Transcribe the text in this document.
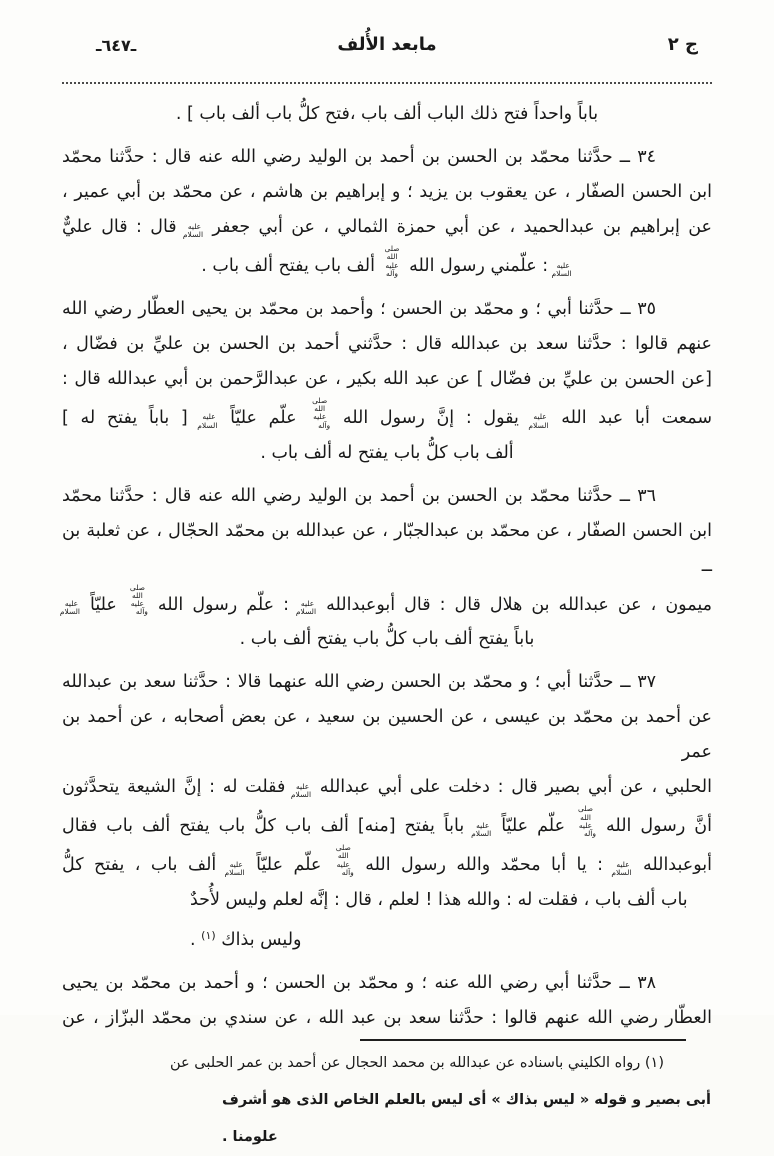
ج ٢
مابعد الأُلف
ـ٦٤٧ـ
باباً واحداً فتح ذلك الباب ألف باب ،فتح كلُّ باب ألف باب ] .
٣٤ ــ حدَّثنا محمّد بن الحسن بن أحمد بن الوليد رضي الله عنه قال : حدَّثنا محمّد
ابن الحسن الصفّار ، عن يعقوب بن يزيد ؛ و إبراهيم بن هاشم ، عن محمّد بن أبي عمير ،
عن إبراهيم بن عبدالحميد ، عن أبي حمزة الثمالي ، عن أبي جعفر عليه السلام قال : قال عليٌّ
عليه السلام : علّمني رسول الله صلى الله عليه وآله ألف باب يفتح ألف باب .
٣٥ ــ حدَّثنا أبي ؛ و محمّد بن الحسن ؛ وأحمد بن محمّد بن يحيى العطّار رضي الله
عنهم قالوا : حدَّثنا سعد بن عبدالله قال : حدَّثني أحمد بن الحسن بن عليِّ بن فضّال ،
[عن الحسن بن عليِّ بن فضّال ] عن عبد الله بكير ، عن عبدالرَّحمن بن أبي عبدالله قال :
سمعت أبا عبد الله عليه السلام يقول : إنَّ رسول الله صلى الله عليه وآله علّم عليّاً عليه السلام [ باباً يفتح له ]
ألف باب كلُّ باب يفتح له ألف باب .
٣٦ ــ حدَّثنا محمّد بن الحسن بن أحمد بن الوليد رضي الله عنه قال : حدَّثنا محمّد
ابن الحسن الصفّار ، عن محمّد بن عبدالجبّار ، عن عبدالله بن محمّد الحجّال ، عن ثعلبة بن ــ
ميمون ، عن عبدالله بن هلال قال : قال أبوعبدالله عليه السلام : علّم رسول الله صلى الله عليه وآله عليّاً عليه السلام
باباً يفتح ألف باب كلُّ باب يفتح ألف باب .
٣٧ ــ حدَّثنا أبي ؛ و محمّد بن الحسن رضي الله عنهما قالا : حدَّثنا سعد بن عبدالله
عن أحمد بن محمّد بن عيسى ، عن الحسين بن سعيد ، عن بعض أصحابه ، عن أحمد بن عمر
الحلبي ، عن أبي بصير قال : دخلت على أبي عبدالله عليه السلام فقلت له : إنَّ الشيعة يتحدَّثون
أنَّ رسول الله صلى الله عليه وآله علّم عليّاً عليه السلام باباً يفتح [منه] ألف باب كلُّ باب يفتح ألف باب فقال
أبوعبدالله عليه السلام : يا أبا محمّد والله رسول الله صلى الله عليه وآله علّم عليّاً عليه السلام ألف باب ، يفتح كلُّ
باب ألف باب ، فقلت له : والله هذا ! لعلم ، قال : إنَّه لعلم وليس لأُحدٌ وليس بذاك $^{(١)}$ .
٣٨ ــ حدَّثنا أبي رضي الله عنه ؛ و محمّد بن الحسن ؛ و أحمد بن محمّد بن يحيى
العطّار رضي الله عنهم قالوا : حدَّثنا سعد بن عبد الله ، عن سندي بن محمّد البزّاز ، عن
(١) رواه الكليني باسناده عن عبدالله بن محمد الحجال عن أحمد بن عمر الحلبى عن
أبى بصير و قوله « ليس بذاك » أى ليس بالعلم الخاص الذى هو أشرف علومنا .
